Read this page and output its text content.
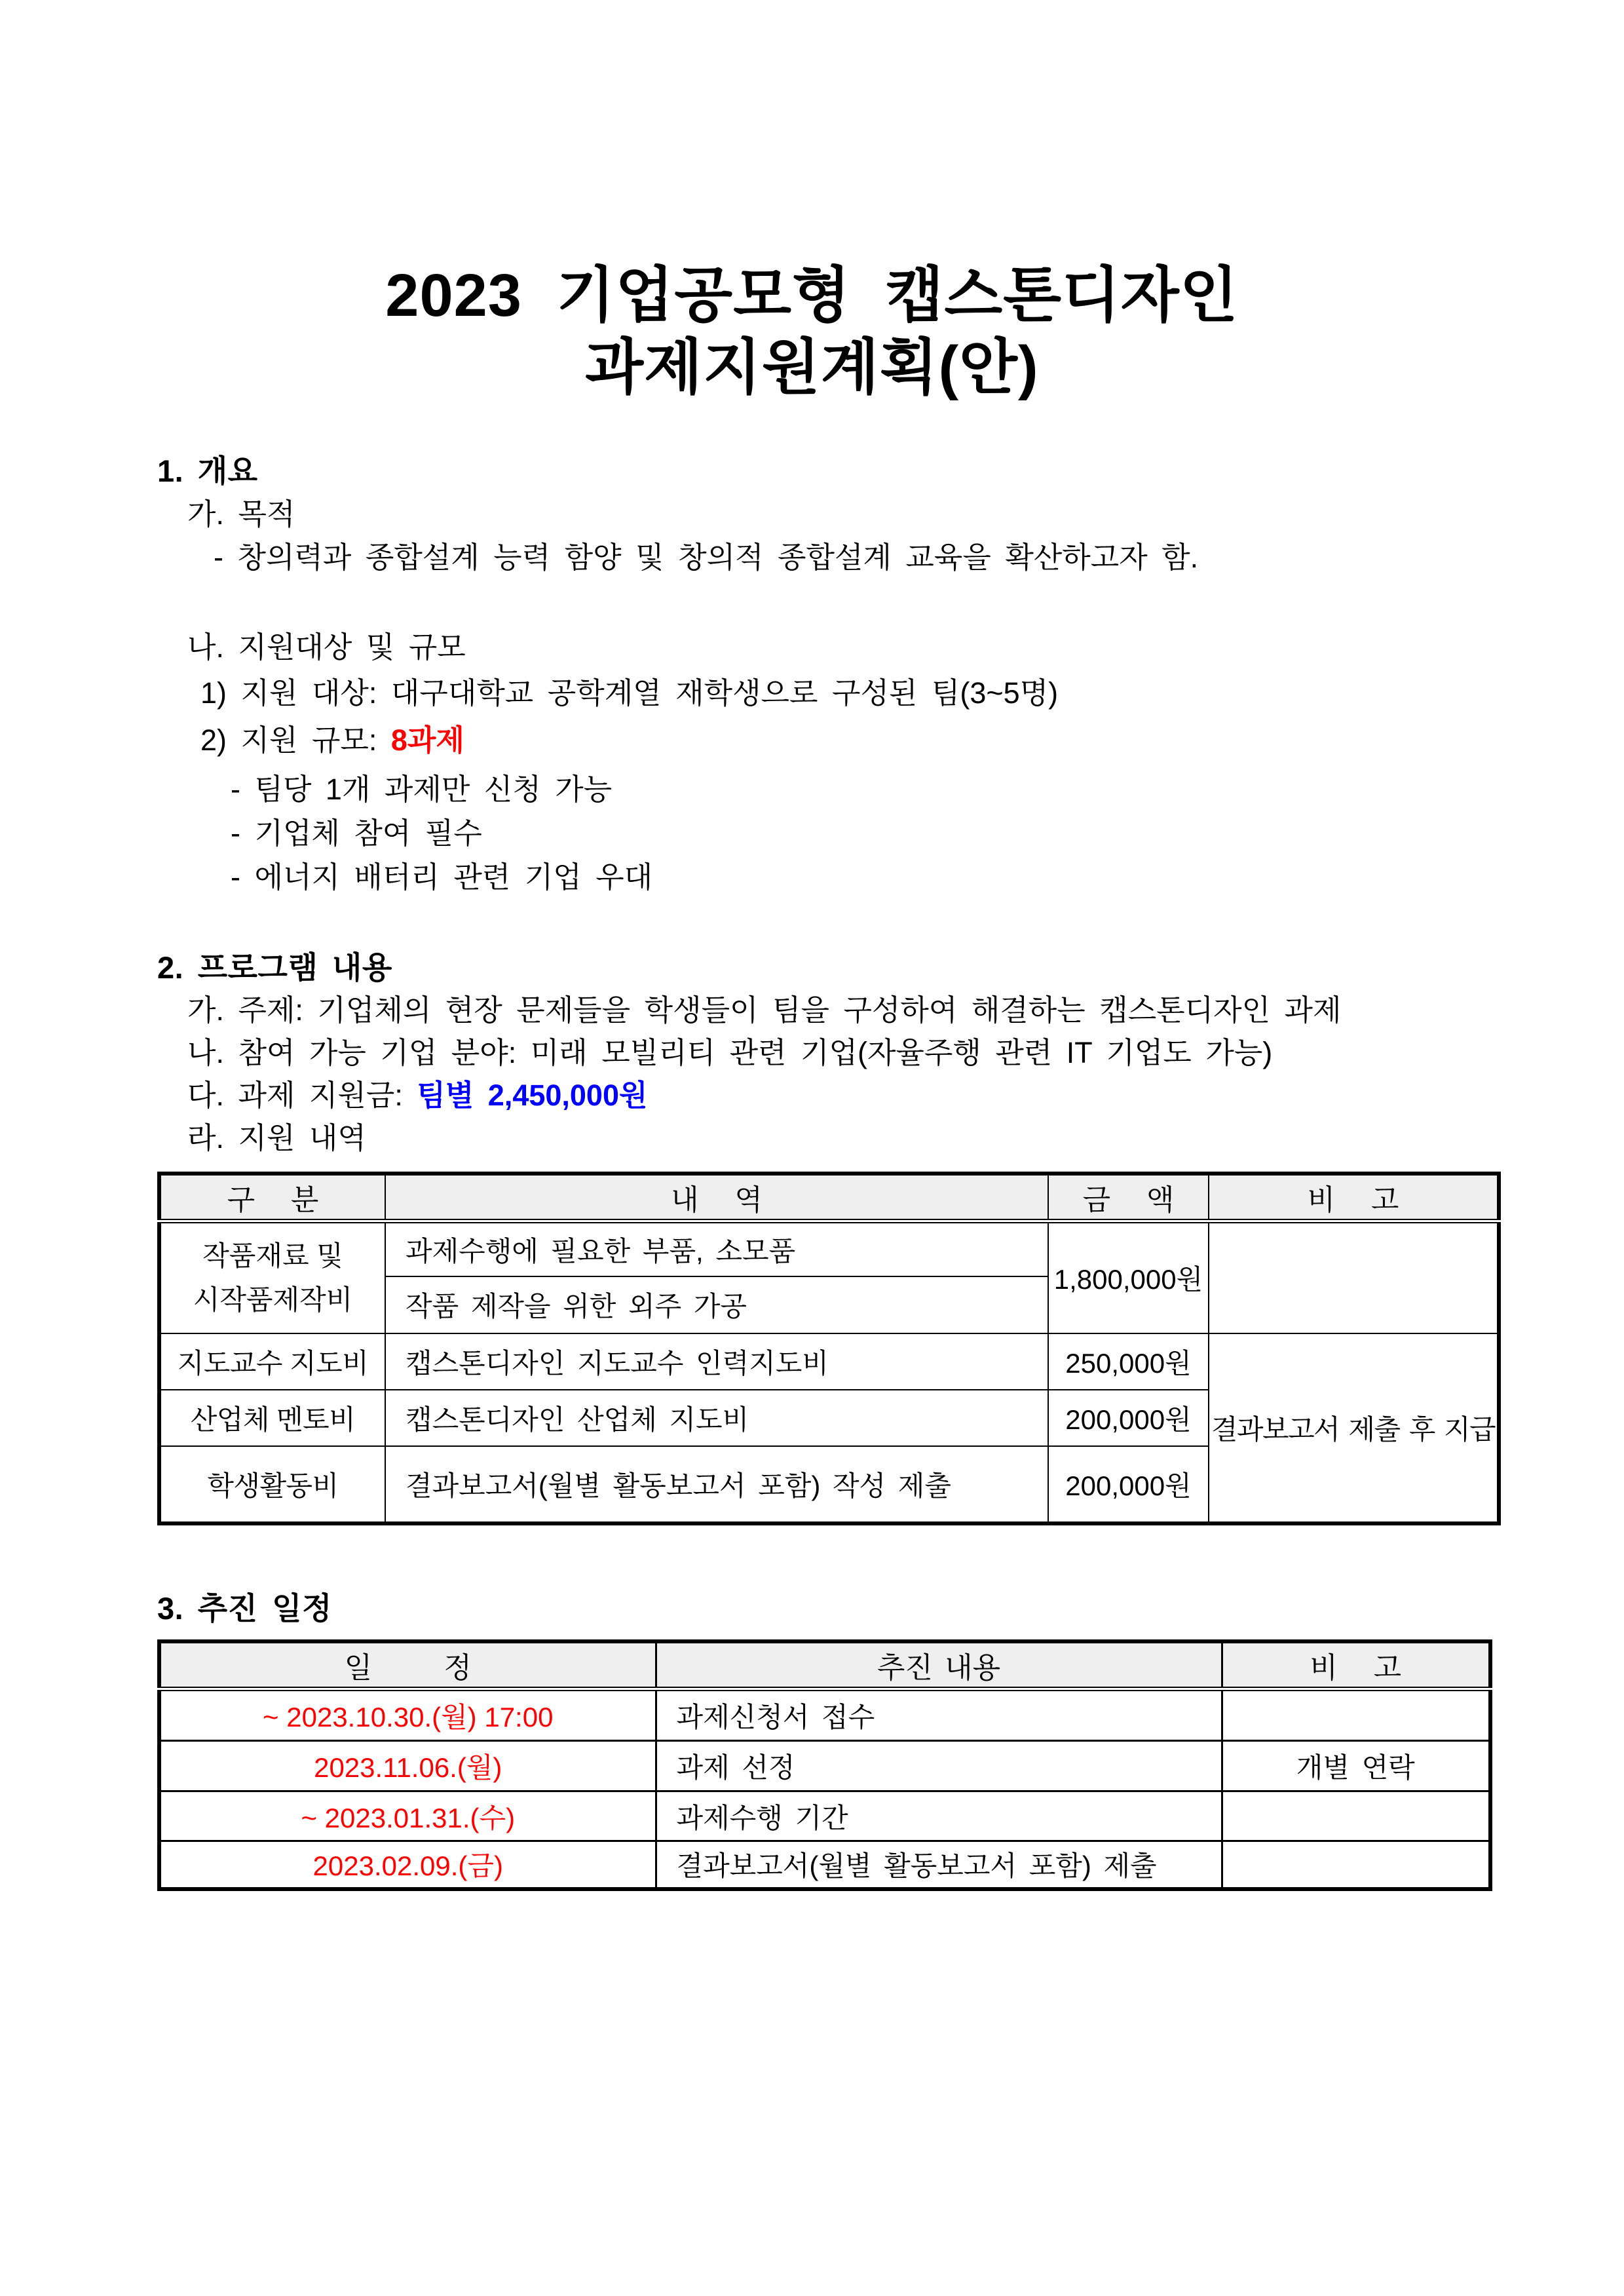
2023 기업공모형 캡스톤디자인
과제지원계획(안)
1. 개요
가. 목적
- 창의력과 종합설계 능력 함양 및 창의적 종합설계 교육을 확산하고자 함.
나. 지원대상 및 규모
1) 지원 대상: 대구대학교 공학계열 재학생으로 구성된 팀(3~5명)
2) 지원 규모: 8과제
- 팀당 1개 과제만 신청 가능
- 기업체 참여 필수
- 에너지 배터리 관련 기업 우대
2. 프로그램 내용
가. 주제: 기업체의 현장 문제들을 학생들이 팀을 구성하여 해결하는 캡스톤디자인 과제
나. 참여 가능 기업 분야: 미래 모빌리티 관련 기업(자율주행 관련 IT 기업도 가능)
다. 과제 지원금: 팀별 2,450,000원
라. 지원 내역
구   분	내   역	금   액	비   고

작품재료 및
시작품제작비	과제수행에 필요한 부품, 소모품	1,800,000원	
	작품 제작을 위한 외주 가공		
지도교수 지도비	캡스톤디자인 지도교수 인력지도비	250,000원	결과보고서 제출 후 지급
산업체 멘토비	캡스톤디자인 산업체 지도비	200,000원	
학생활동비	결과보고서(월별 활동보고서 포함) 작성 제출	200,000원	
3. 추진 일정
일      정	추진 내용	비   고
~ 2023.10.30.(월) 17:00	과제신청서 접수	
2023.11.06.(월)	과제 선정	개별 연락
~ 2023.01.31.(수)	과제수행 기간	
2023.02.09.(금)	결과보고서(월별 활동보고서 포함) 제출	
